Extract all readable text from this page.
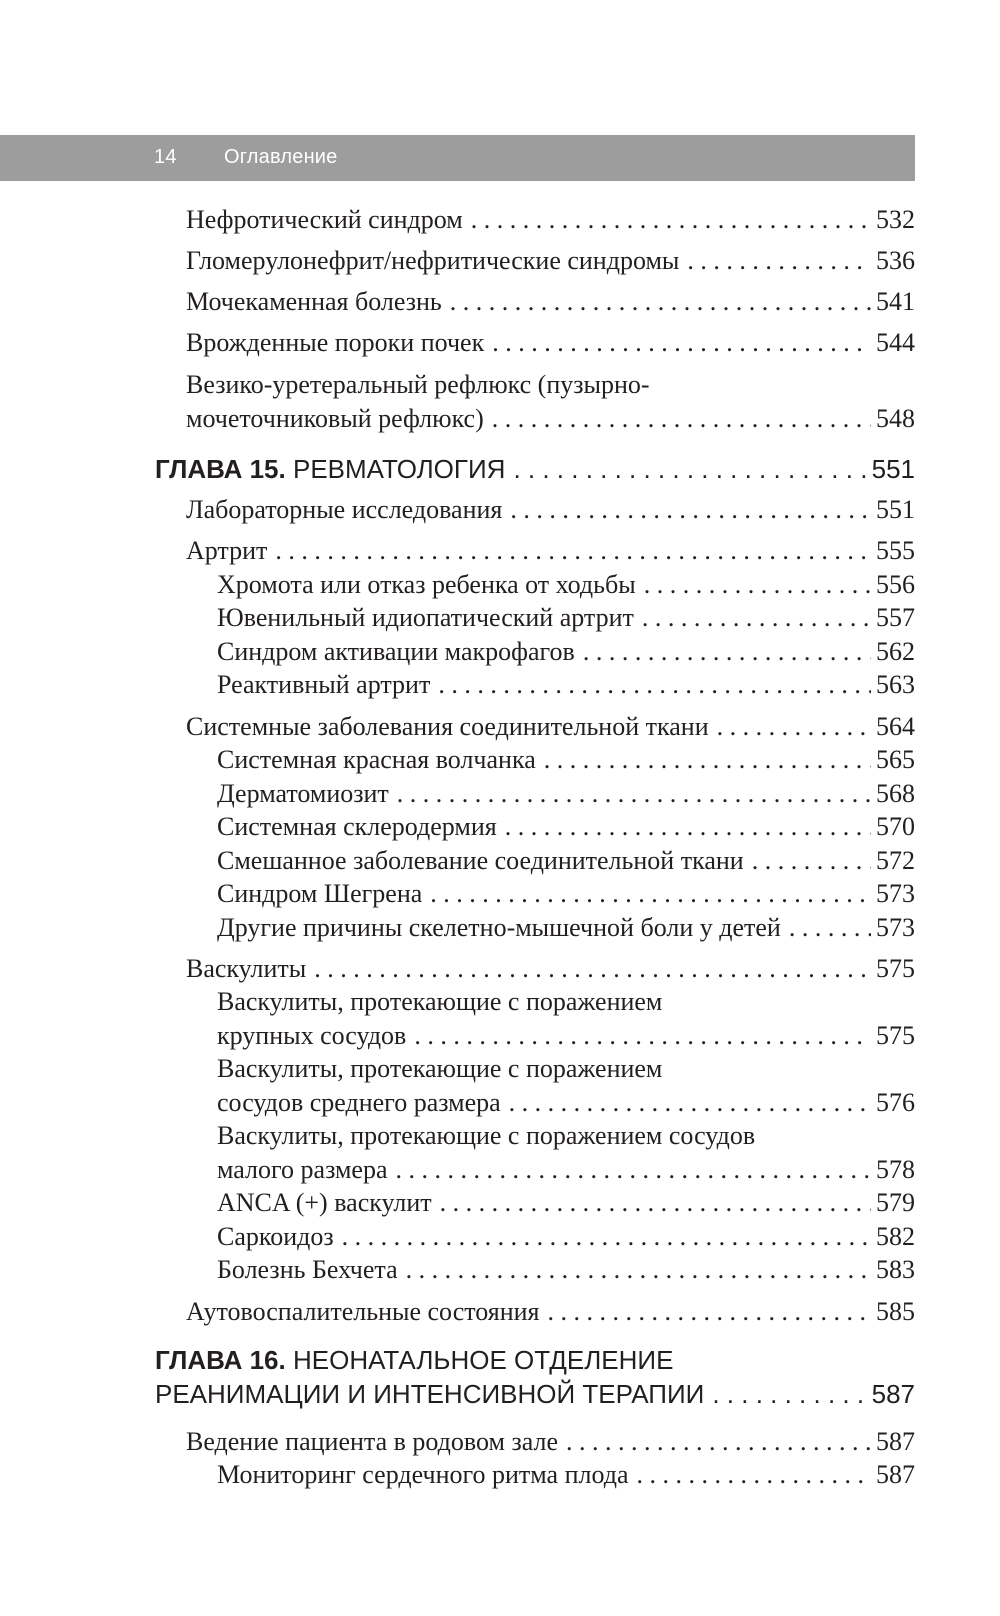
14 Оглавление
Нефротический синдром . . .	532
Гломерулонефрит/нефритические синдромы . . .	536
Мочекаменная болезнь . . .	541
Врожденные пороки почек . . .	544
Везико-уретеральный рефлюкс (пузырно-
мочеточниковый рефлюкс) . . .	548
ГЛАВА 15. РЕВМАТОЛОГИЯ . . .	551
Лабораторные исследования . . .	551
Артрит . . .	555
Хромота или отказ ребенка от ходьбы . . .	556
Ювенильный идиопатический артрит . . .	557
Синдром активации макрофагов . . .	562
Реактивный артрит . . .	563
Системные заболевания соединительной ткани . . .	564
Системная красная волчанка . . .	565
Дерматомиозит . . .	568
Системная склеродермия . . .	570
Смешанное заболевание соединительной ткани . . .	572
Синдром Шегрена . . .	573
Другие причины скелетно-мышечной боли у детей . . .	573
Васкулиты . . .	575
Васкулиты, протекающие с поражением
крупных сосудов . . .	575
Васкулиты, протекающие с поражением
сосудов среднего размера . . .	576
Васкулиты, протекающие с поражением сосудов
малого размера . . .	578
ANCA (+) васкулит . . .	579
Саркоидоз . . .	582
Болезнь Бехчета . . .	583
Аутовоспалительные состояния . . .	585
ГЛАВА 16. НЕОНАТАЛЬНОЕ ОТДЕЛЕНИЕ
РЕАНИМАЦИИ И ИНТЕНСИВНОЙ ТЕРАПИИ . . .	587
Ведение пациента в родовом зале . . .	587
Мониторинг сердечного ритма плода . . .	587
